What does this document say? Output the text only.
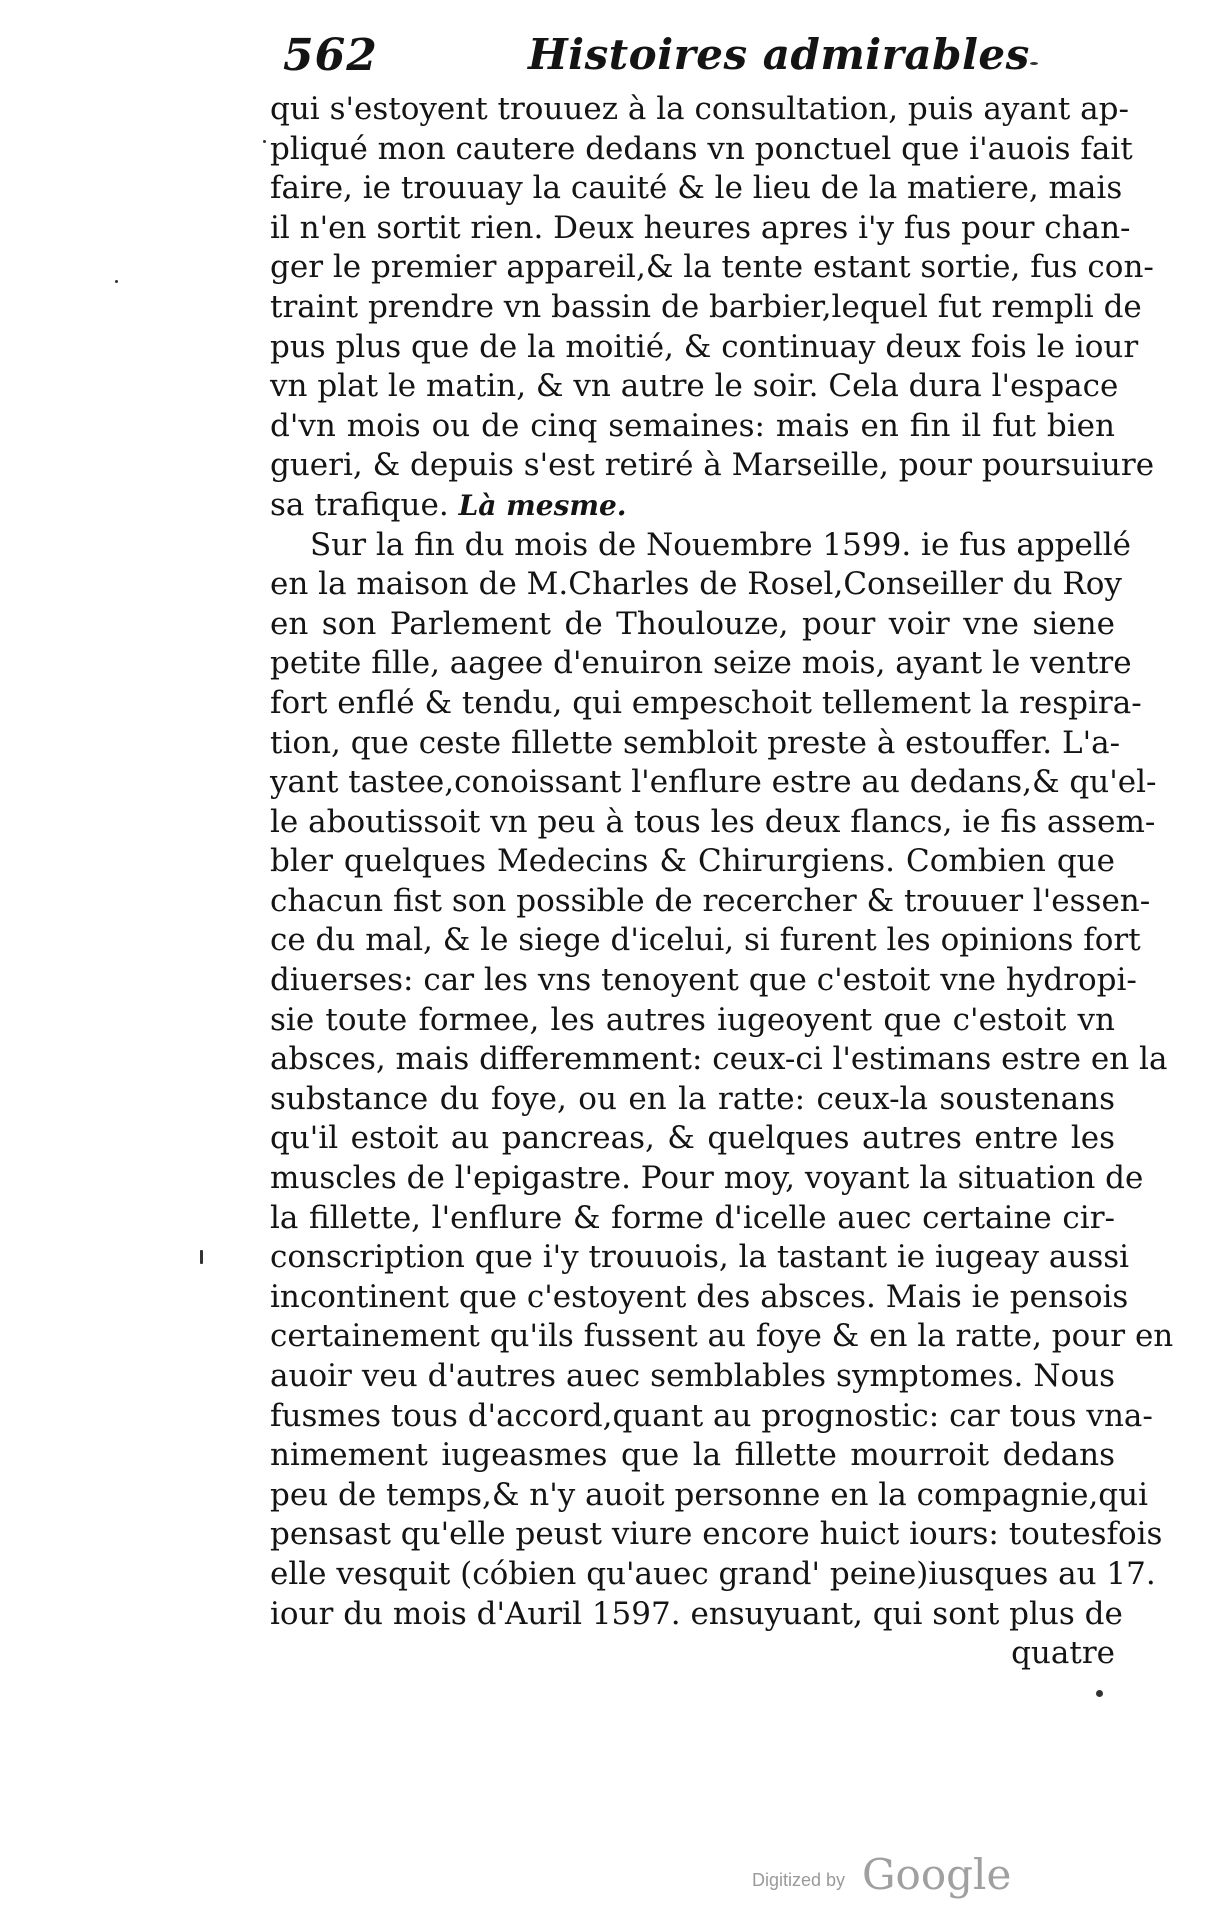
562	Histoires admirables
qui s'estoyent trouuez à la consultation, puis ayant ap-
pliqué mon cautere dedans vn ponctuel que i'auois fait
faire, ie trouuay la cauité & le lieu de la matiere, mais
il n'en sortit rien. Deux heures apres i'y fus pour chan-
ger le premier appareil,& la tente estant sortie, fus con-
traint prendre vn bassin de barbier,lequel fut rempli de
pus plus que de la moitié, & continuay deux fois le iour
vn plat le matin, & vn autre le soir. Cela dura l'espace
d'vn mois ou de cinq semaines: mais en fin il fut bien
gueri, & depuis s'est retiré à Marseille, pour poursuiure
sa trafique. Là mesme.
Sur la fin du mois de Nouembre 1599. ie fus appellé
en la maison de M.Charles de Rosel,Conseiller du Roy
en son Parlement de Thoulouze, pour voir vne siene
petite fille, aagee d'enuiron seize mois, ayant le ventre
fort enflé & tendu, qui empeschoit tellement la respira-
tion, que ceste fillette sembloit preste à estouffer. L'a-
yant tastee,conoissant l'enflure estre au dedans,& qu'el-
le aboutissoit vn peu à tous les deux flancs, ie fis assem-
bler quelques Medecins & Chirurgiens. Combien que
chacun fist son possible de recercher & trouuer l'essen-
ce du mal, & le siege d'icelui, si furent les opinions fort
diuerses: car les vns tenoyent que c'estoit vne hydropi-
sie toute formee, les autres iugeoyent que c'estoit vn
absces, mais differemment: ceux-ci l'estimans estre en la
substance du foye, ou en la ratte: ceux-la soustenans
qu'il estoit au pancreas, & quelques autres entre les
muscles de l'epigastre. Pour moy, voyant la situation de
la fillette, l'enflure & forme d'icelle auec certaine cir-
conscription que i'y trouuois, la tastant ie iugeay aussi
incontinent que c'estoyent des absces. Mais ie pensois
certainement qu'ils fussent au foye & en la ratte, pour en
auoir veu d'autres auec semblables symptomes. Nous
fusmes tous d'accord,quant au prognostic: car tous vna-
nimement iugeasmes que la fillette mourroit dedans
peu de temps,& n'y auoit personne en la compagnie,qui
pensast qu'elle peust viure encore huict iours: toutesfois
elle vesquit (cóbien qu'auec grand' peine)iusques au 17.
iour du mois d'Auril 1597. ensuyuant, qui sont plus de
quatre
Digitized by Google
